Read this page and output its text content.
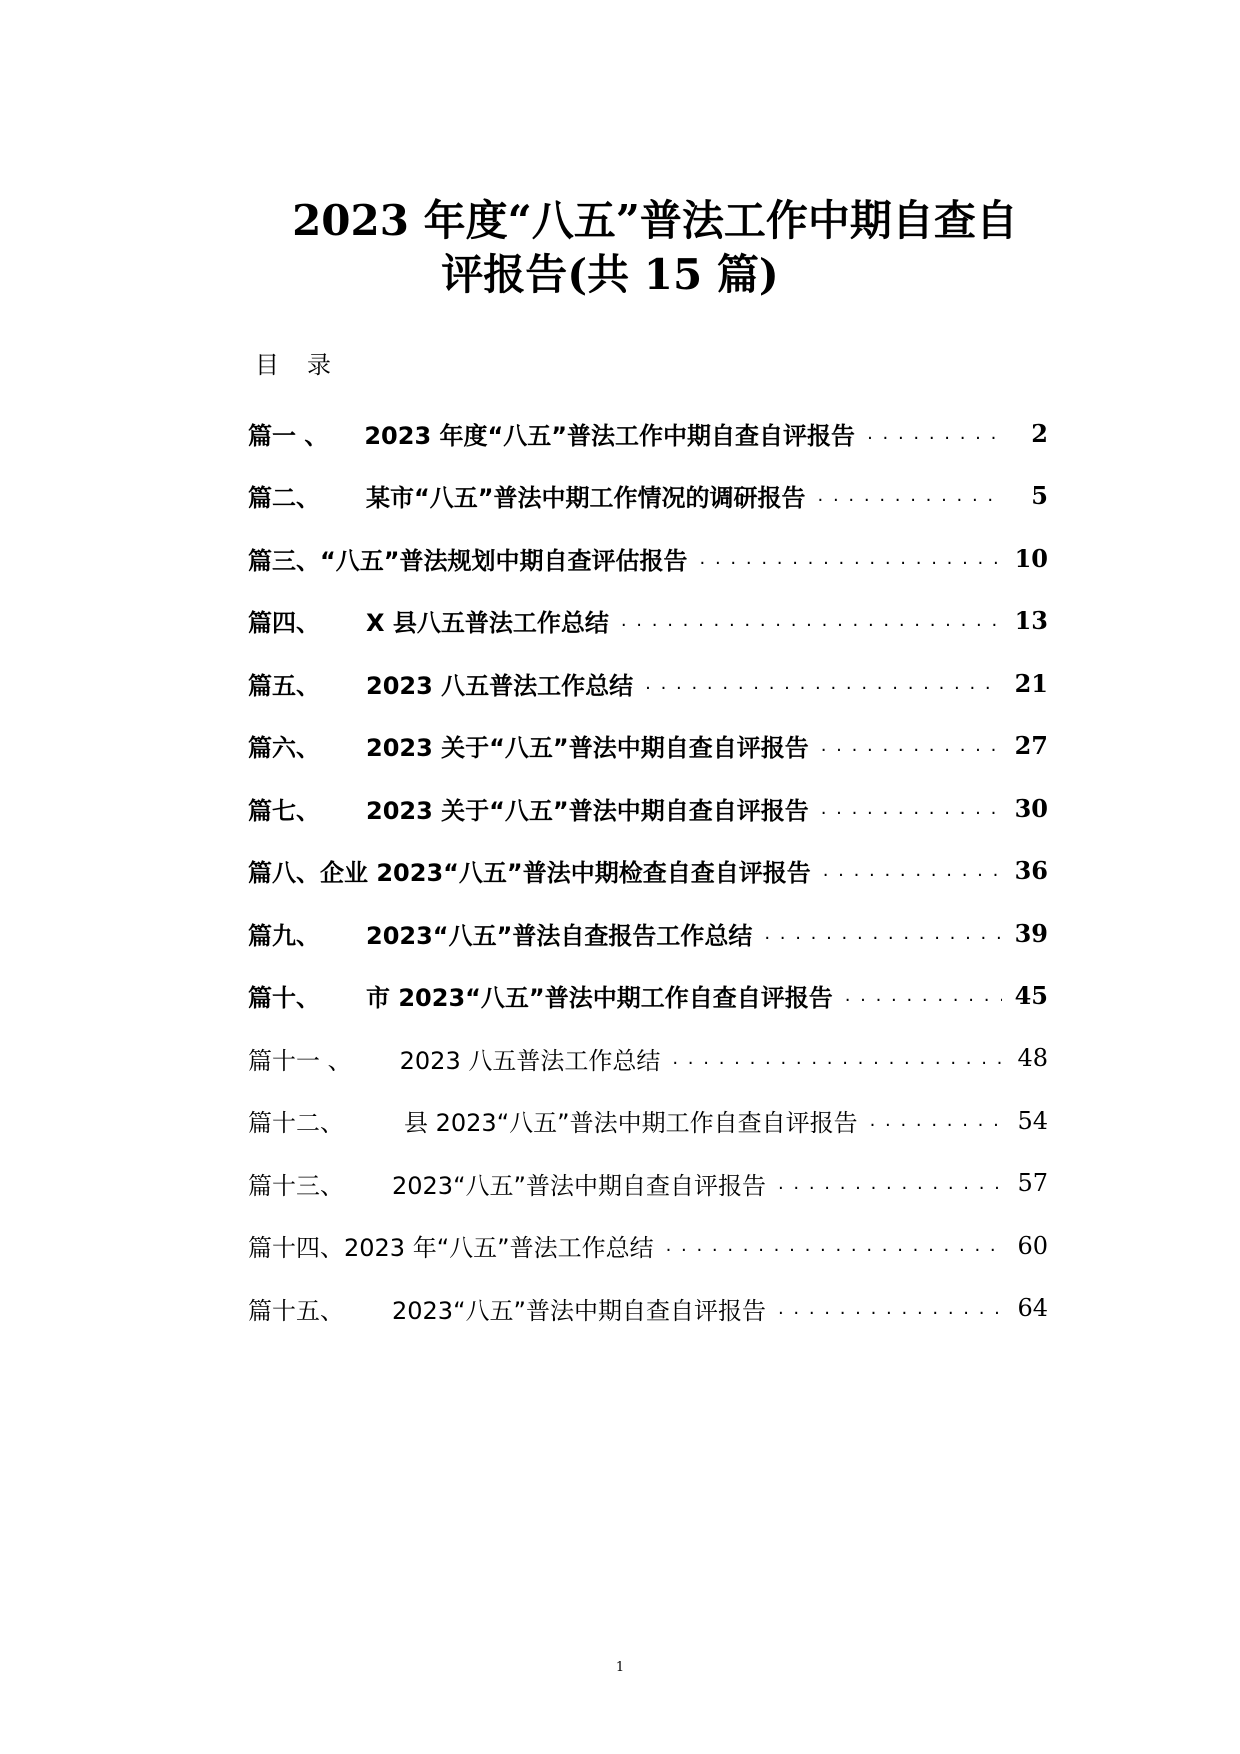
2023 年度“八五”普法工作中期自查自
评报告(共 15 篇)
目录
篇一 、 2023 年度“八五”普法工作中期自查自评报告 . . .	2
篇二、 某市“八五”普法中期工作情况的调研报告 . . .	5
篇三、 “八五”普法规划中期自查评估报告 . . .	10
篇四、 X 县八五普法工作总结 . . .	13
篇五、 2023 八五普法工作总结 . . .	21
篇六、 2023 关于“八五”普法中期自查自评报告 . . .	27
篇七、 2023 关于“八五”普法中期自查自评报告 . . .	30
篇八、 企业 2023“八五”普法中期检查自查自评报告 . . .	36
篇九、 2023“八五”普法自查报告工作总结 . . .	39
篇十、 市 2023“八五”普法中期工作自查自评报告 . . .	45
篇十一 、 2023 八五普法工作总结 . . .	48
篇十二、	县 2023“八五”普法中期工作自查自评报告 . . .	54
篇十三、 2023“八五”普法中期自查自评报告 . . .	57
篇十四、 2023 年“八五”普法工作总结 . . .	60
篇十五、 2023“八五”普法中期自查自评报告 . . .	64
1
